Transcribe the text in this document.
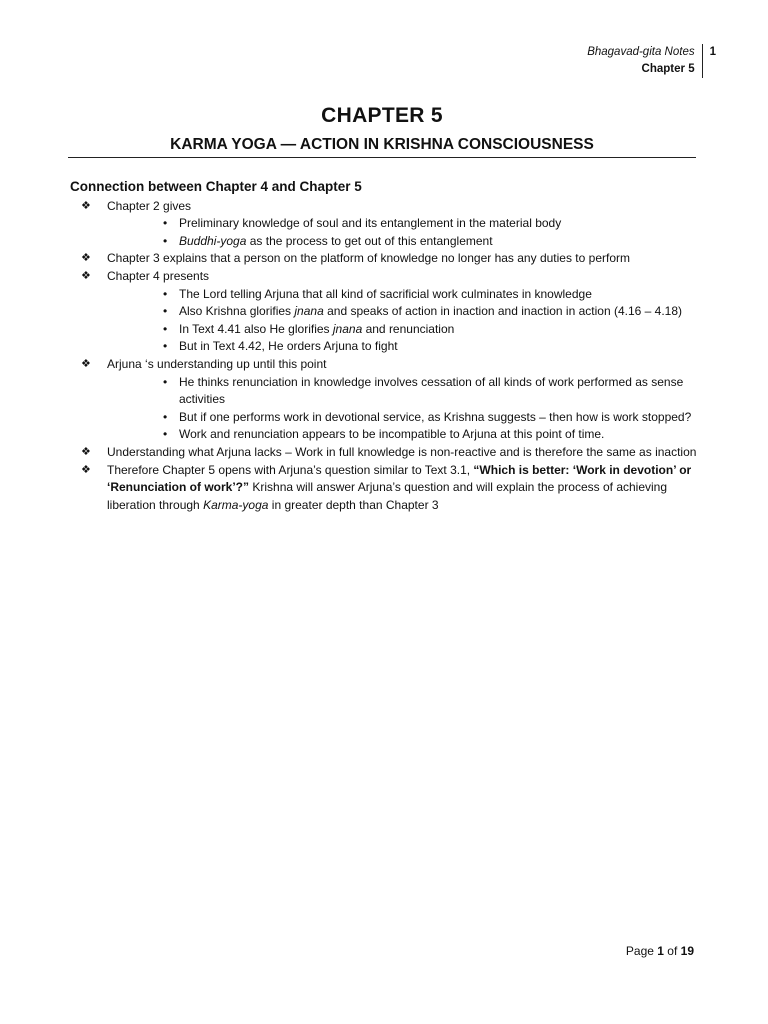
Bhagavad-gita Notes
Chapter 5
1
CHAPTER 5
KARMA YOGA — ACTION IN KRISHNA CONSCIOUSNESS
Connection between Chapter 4 and Chapter 5
❖ Chapter 2 gives
• Preliminary knowledge of soul and its entanglement in the material body
• Buddhi-yoga as the process to get out of this entanglement
❖ Chapter 3 explains that a person on the platform of knowledge no longer has any duties to perform
❖ Chapter 4 presents
• The Lord telling Arjuna that all kind of sacrificial work culminates in knowledge
• Also Krishna glorifies jnana and speaks of action in inaction and inaction in action (4.16 – 4.18)
• In Text 4.41 also He glorifies jnana and renunciation
• But in Text 4.42, He orders Arjuna to fight
❖ Arjuna ‘s understanding up until this point
• He thinks renunciation in knowledge involves cessation of all kinds of work performed as sense activities
• But if one performs work in devotional service, as Krishna suggests – then how is work stopped?
• Work and renunciation appears to be incompatible to Arjuna at this point of time.
❖ Understanding what Arjuna lacks – Work in full knowledge is non-reactive and is therefore the same as inaction
❖ Therefore Chapter 5 opens with Arjuna’s question similar to Text 3.1, “Which is better: ‘Work in devotion’ or ‘Renunciation of work’?” Krishna will answer Arjuna’s question and will explain the process of achieving liberation through Karma-yoga in greater depth than Chapter 3
Page 1 of 19
